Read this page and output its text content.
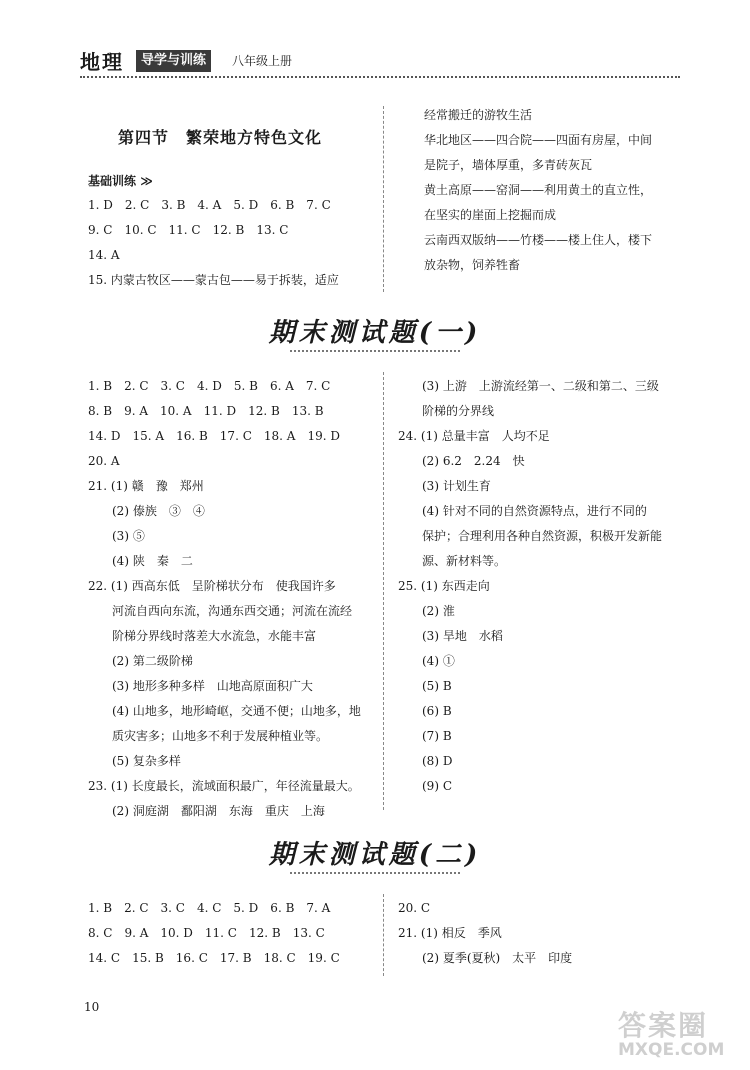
地理	导学与训练	八年级上册
第四节　繁荣地方特色文化
基础训练 ≫
1. D　2. C　3. B　4. A　5. D　6. B　7. C
9. C　10. C　11. C　12. B　13. C
14. A
15. 内蒙古牧区——蒙古包——易于拆装，适应
经常搬迁的游牧生活
华北地区——四合院——四面有房屋，中间
是院子，墙体厚重，多青砖灰瓦
黄土高原——窑洞——利用黄土的直立性，
在坚实的崖面上挖掘而成
云南西双版纳——竹楼——楼上住人，楼下
放杂物，饲养牲畜
期末测试题(一)
1. B　2. C　3. C　4. D　5. B　6. A　7. C
8. B　9. A　10. A　11. D　12. B　13. B
14. D　15. A　16. B　17. C　18. A　19. D
20. A
21. (1) 赣　豫　郑州
　　(2) 傣族　③　④
　　(3) ⑤
　　(4) 陕　秦　二
22. (1) 西高东低　呈阶梯状分布　使我国许多
　　河流自西向东流，沟通东西交通；河流在流经
　　阶梯分界线时落差大水流急，水能丰富
　　(2) 第二级阶梯
　　(3) 地形多种多样　山地高原面积广大
　　(4) 山地多，地形崎岖，交通不便；山地多，地
　　质灾害多；山地多不利于发展种植业等。
　　(5) 复杂多样
23. (1) 长度最长，流域面积最广，年径流量最大。
　　(2) 洞庭湖　鄱阳湖　东海　重庆　上海
　　(3) 上游　上游流经第一、二级和第二、三级
　　阶梯的分界线
24. (1) 总量丰富　人均不足
　　(2) 6.2　2.24　快
　　(3) 计划生育
　　(4) 针对不同的自然资源特点，进行不同的
　　保护；合理利用各种自然资源，积极开发新能
　　源、新材料等。
25. (1) 东西走向
　　(2) 淮
　　(3) 旱地　水稻
　　(4) ①
　　(5) B
　　(6) B
　　(7) B
　　(8) D
　　(9) C
期末测试题(二)
1. B　2. C　3. C　4. C　5. D　6. B　7. A
8. C　9. A　10. D　11. C　12. B　13. C
14. C　15. B　16. C　17. B　18. C　19. C
20. C
21. (1) 相反　季风
　　(2) 夏季(夏秋)　太平　印度
10
答案圈
MXQE.COM
